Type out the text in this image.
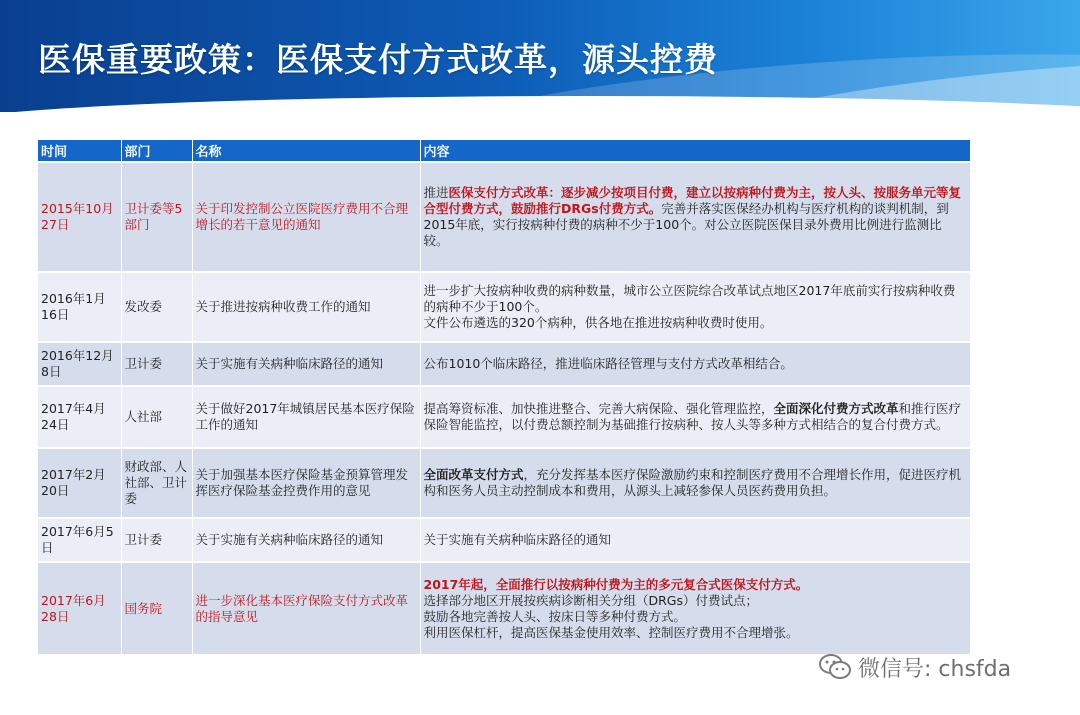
医保重要政策：医保支付方式改革，源头控费
时间	部门	名称	内容
2015年10月27日	卫计委等5部门	关于印发控制公立医院医疗费用不合理增长的若干意见的通知	推进医保支付方式改革：逐步减少按项目付费，建立以按病种付费为主，按人头、按服务单元等复合型付费方式，鼓励推行DRGs付费方式。完善并落实医保经办机构与医疗机构的谈判机制，到2015年底，实行按病种付费的病种不少于100个。对公立医院医保目录外费用比例进行监测比较。
2016年1月16日	发改委	关于推进按病种收费工作的通知	进一步扩大按病种收费的病种数量，城市公立医院综合改革试点地区2017年底前实行按病种收费的病种不少于100个。
文件公布遴选的320个病种，供各地在推进按病种收费时使用。

2016年12月8日	卫计委	关于实施有关病种临床路径的通知	公布1010个临床路径，推进临床路径管理与支付方式改革相结合。
2017年4月24日	人社部	关于做好2017年城镇居民基本医疗保险工作的通知	提高筹资标准、加快推进整合、完善大病保险、强化管理监控，全面深化付费方式改革和推行医疗保险智能监控，以付费总额控制为基础推行按病种、按人头等多种方式相结合的复合付费方式。
2017年2月20日	财政部、人社部、卫计委	关于加强基本医疗保险基金预算管理发挥医疗保险基金控费作用的意见	全面改革支付方式，充分发挥基本医疗保险激励约束和控制医疗费用不合理增长作用，促进医疗机构和医务人员主动控制成本和费用，从源头上减轻参保人员医药费用负担。
2017年6月5日	卫计委	关于实施有关病种临床路径的通知	关于实施有关病种临床路径的通知
2017年6月28日	国务院	进一步深化基本医疗保险支付方式改革的指导意见	2017年起，全面推行以按病种付费为主的多元复合式医保支付方式。
选择部分地区开展按疾病诊断相关分组（DRGs）付费试点；
鼓励各地完善按人头、按床日等多种付费方式。
利用医保杠杆，提高医保基金使用效率、控制医疗费用不合理增张。
微信号: chsfda
